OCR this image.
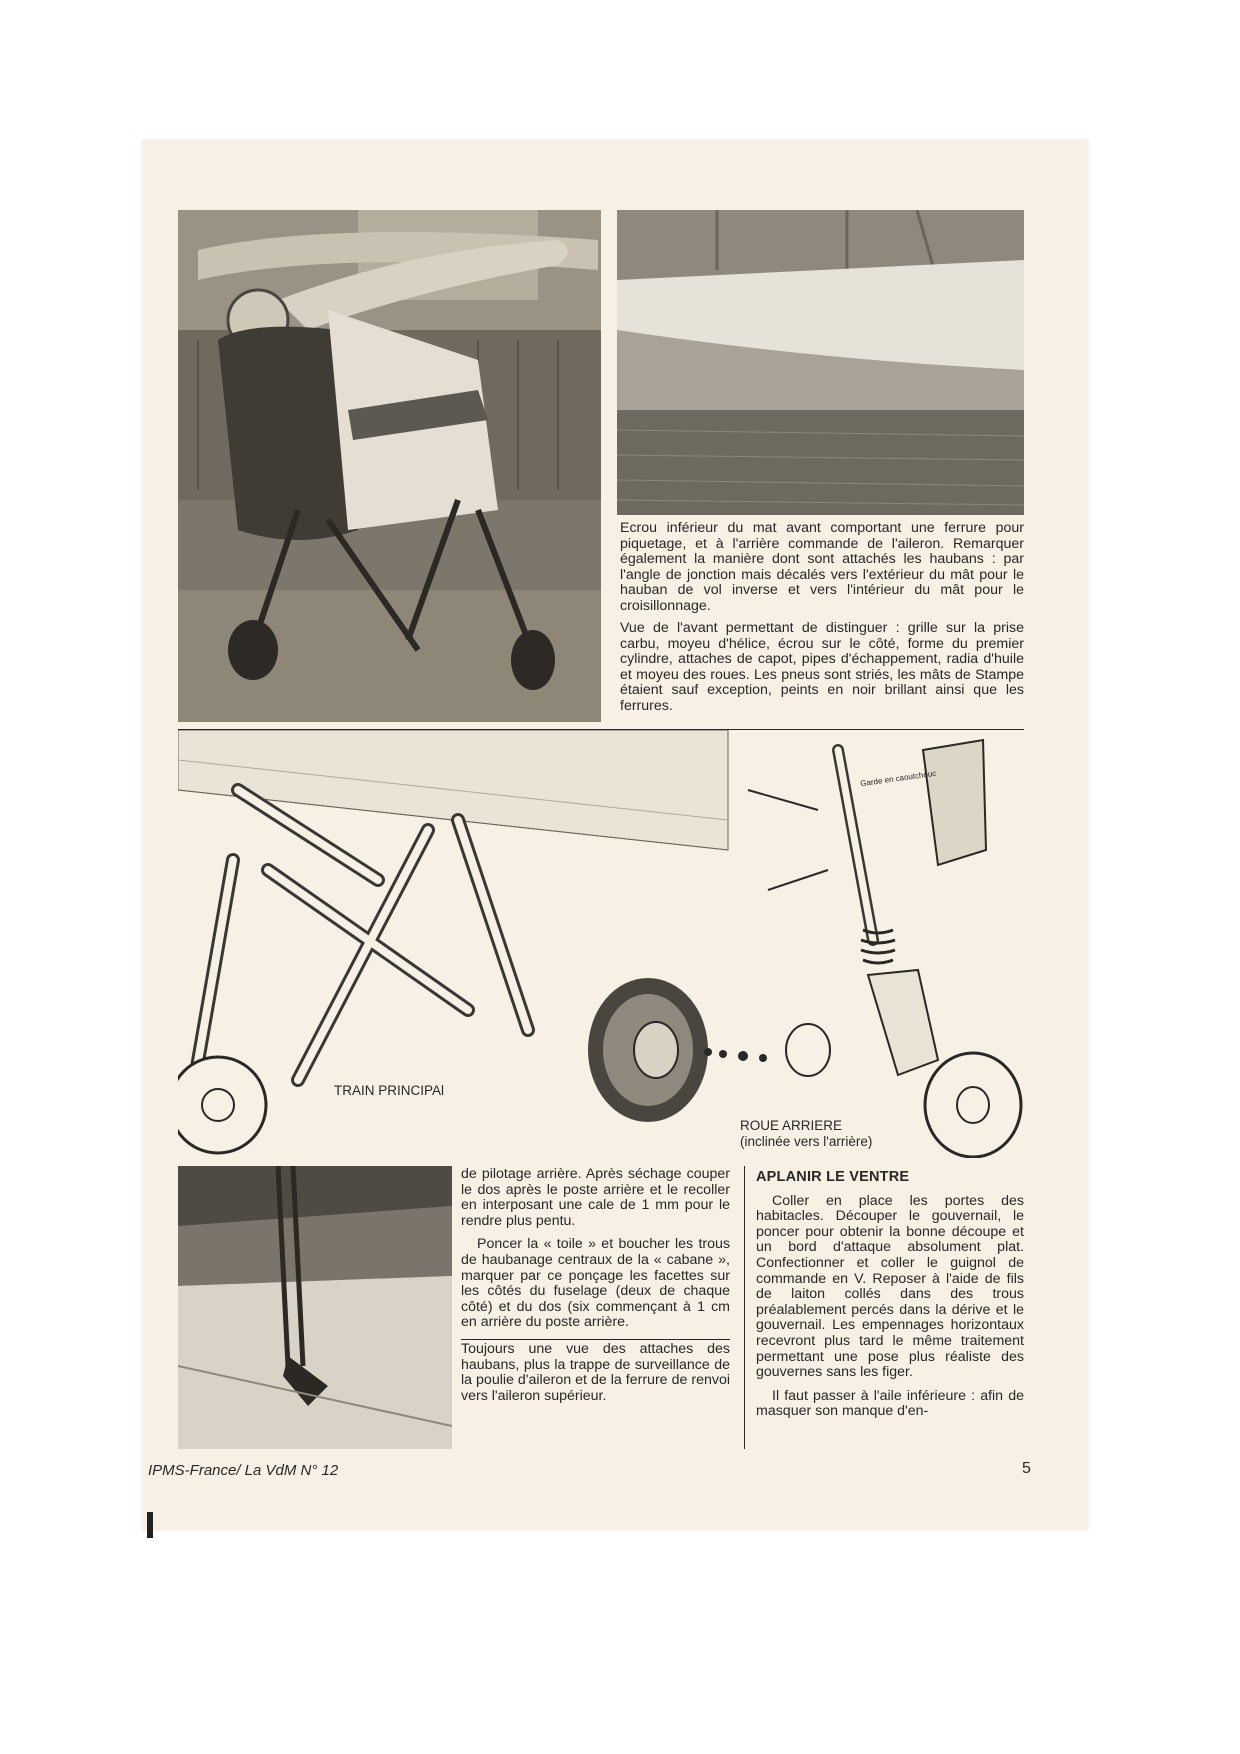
Ecrou inférieur du mat avant comportant une ferrure pour piquetage, et à l'arrière commande de l'aileron. Remarquer également la manière dont sont attachés les haubans : par l'angle de jonction mais décalés vers l'extérieur du mât pour le hauban de vol inverse et vers l'intérieur du mât pour le croisillonnage.

Vue de l'avant permettant de distinguer : grille sur la prise carbu, moyeu d'hélice, écrou sur le côté, forme du premier cylindre, attaches de capot, pipes d'échappement, radia d'huile et moyeu des roues. Les pneus sont striés, les mâts de Stampe étaient sauf exception, peints en noir brillant ainsi que les ferrures.

TRAIN PRINCIPAl
ROUE ARRIERE
(inclinée vers l'arrière)
Garde en caoutchouc

de pilotage arrière. Après séchage couper le dos après le poste arrière et le recoller en interposant une cale de 1 mm pour le rendre plus pentu.

Poncer la « toile » et boucher les trous de haubanage centraux de la « cabane », marquer par ce ponçage les facettes sur les côtés du fuselage (deux de chaque côté) et du dos (six commençant à 1 cm en arrière du poste arrière.

Toujours une vue des attaches des haubans, plus la trappe de surveillance de la poulie d'aileron et de la ferrure de renvoi vers l'aileron supérieur.

APLANIR LE VENTRE

Coller en place les portes des habitacles. Découper le gouvernail, le poncer pour obtenir la bonne découpe et un bord d'attaque absolument plat. Confectionner et coller le guignol de commande en V. Reposer à l'aide de fils de laiton collés dans des trous préalablement percés dans la dérive et le gouvernail. Les empennages horizontaux recevront plus tard le même traitement permettant une pose plus réaliste des gouvernes sans les figer.

Il faut passer à l'aile inférieure : afin de masquer son manque d'en-

IPMS-France/ La VdM N° 12	5
